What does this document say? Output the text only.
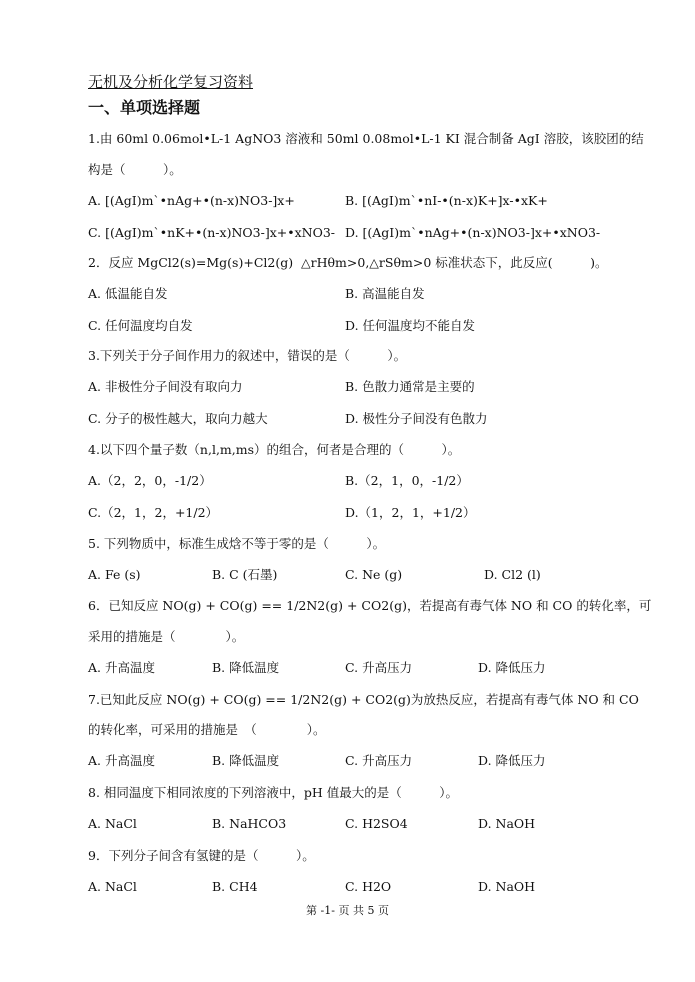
无机及分析化学复习资料
一、单项选择题
1.由 60ml 0.06mol•L-1 AgNO3 溶液和 50ml 0.08mol•L-1 KI 混合制备 AgI 溶胶，该胶团的结
构是（　　　）。
A. [(AgI)m`•nAg+•(n-x)NO3-]x+	B. [(AgI)m`•nI-•(n-x)K+]x-•xK+
C. [(AgI)m`•nK+•(n-x)NO3-]x+•xNO3- D. [(AgI)m`•nAg+•(n-x)NO3-]x+•xNO3-
2．反应 MgCl2(s)=Mg(s)+Cl2(g)  △rHθm>0,△rSθm>0 标准状态下，此反应(　　　)。
A. 低温能自发	B. 高温能自发
C. 任何温度均自发	D. 任何温度均不能自发
3.下列关于分子间作用力的叙述中，错误的是（　　　）。
A. 非极性分子间没有取向力	B. 色散力通常是主要的
C. 分子的极性越大，取向力越大	D. 极性分子间没有色散力
4.以下四个量子数（n,l,m,ms）的组合，何者是合理的（　　　）。
A.（2，2，0，-1/2）	B.（2，1，0，-1/2）
C.（2，1，2，+1/2）	D.（1，2，1，+1/2）
5. 下列物质中，标准生成焓不等于零的是（　　　）。
A. Fe (s)	B. C (石墨)	C. Ne (g)	D. Cl2 (l)
6．已知反应 NO(g) + CO(g) == 1/2N2(g) + CO2(g)，若提高有毒气体 NO 和 CO 的转化率，可
采用的措施是（　　　　）。
A. 升高温度	B. 降低温度	C. 升高压力	D. 降低压力
7.已知此反应 NO(g) + CO(g) == 1/2N2(g) + CO2(g)为放热反应，若提高有毒气体 NO 和 CO
的转化率，可采用的措施是　（　　　　）。
A. 升高温度	B. 降低温度	C. 升高压力	D. 降低压力
8. 相同温度下相同浓度的下列溶液中，pH 值最大的是（　　　）。
A. NaCl	B. NaHCO3	C. H2SO4	D. NaOH
9．下列分子间含有氢键的是（　　　）。
A. NaCl	B. CH4	C. H2O	D. NaOH
第 -1- 页 共 5 页
